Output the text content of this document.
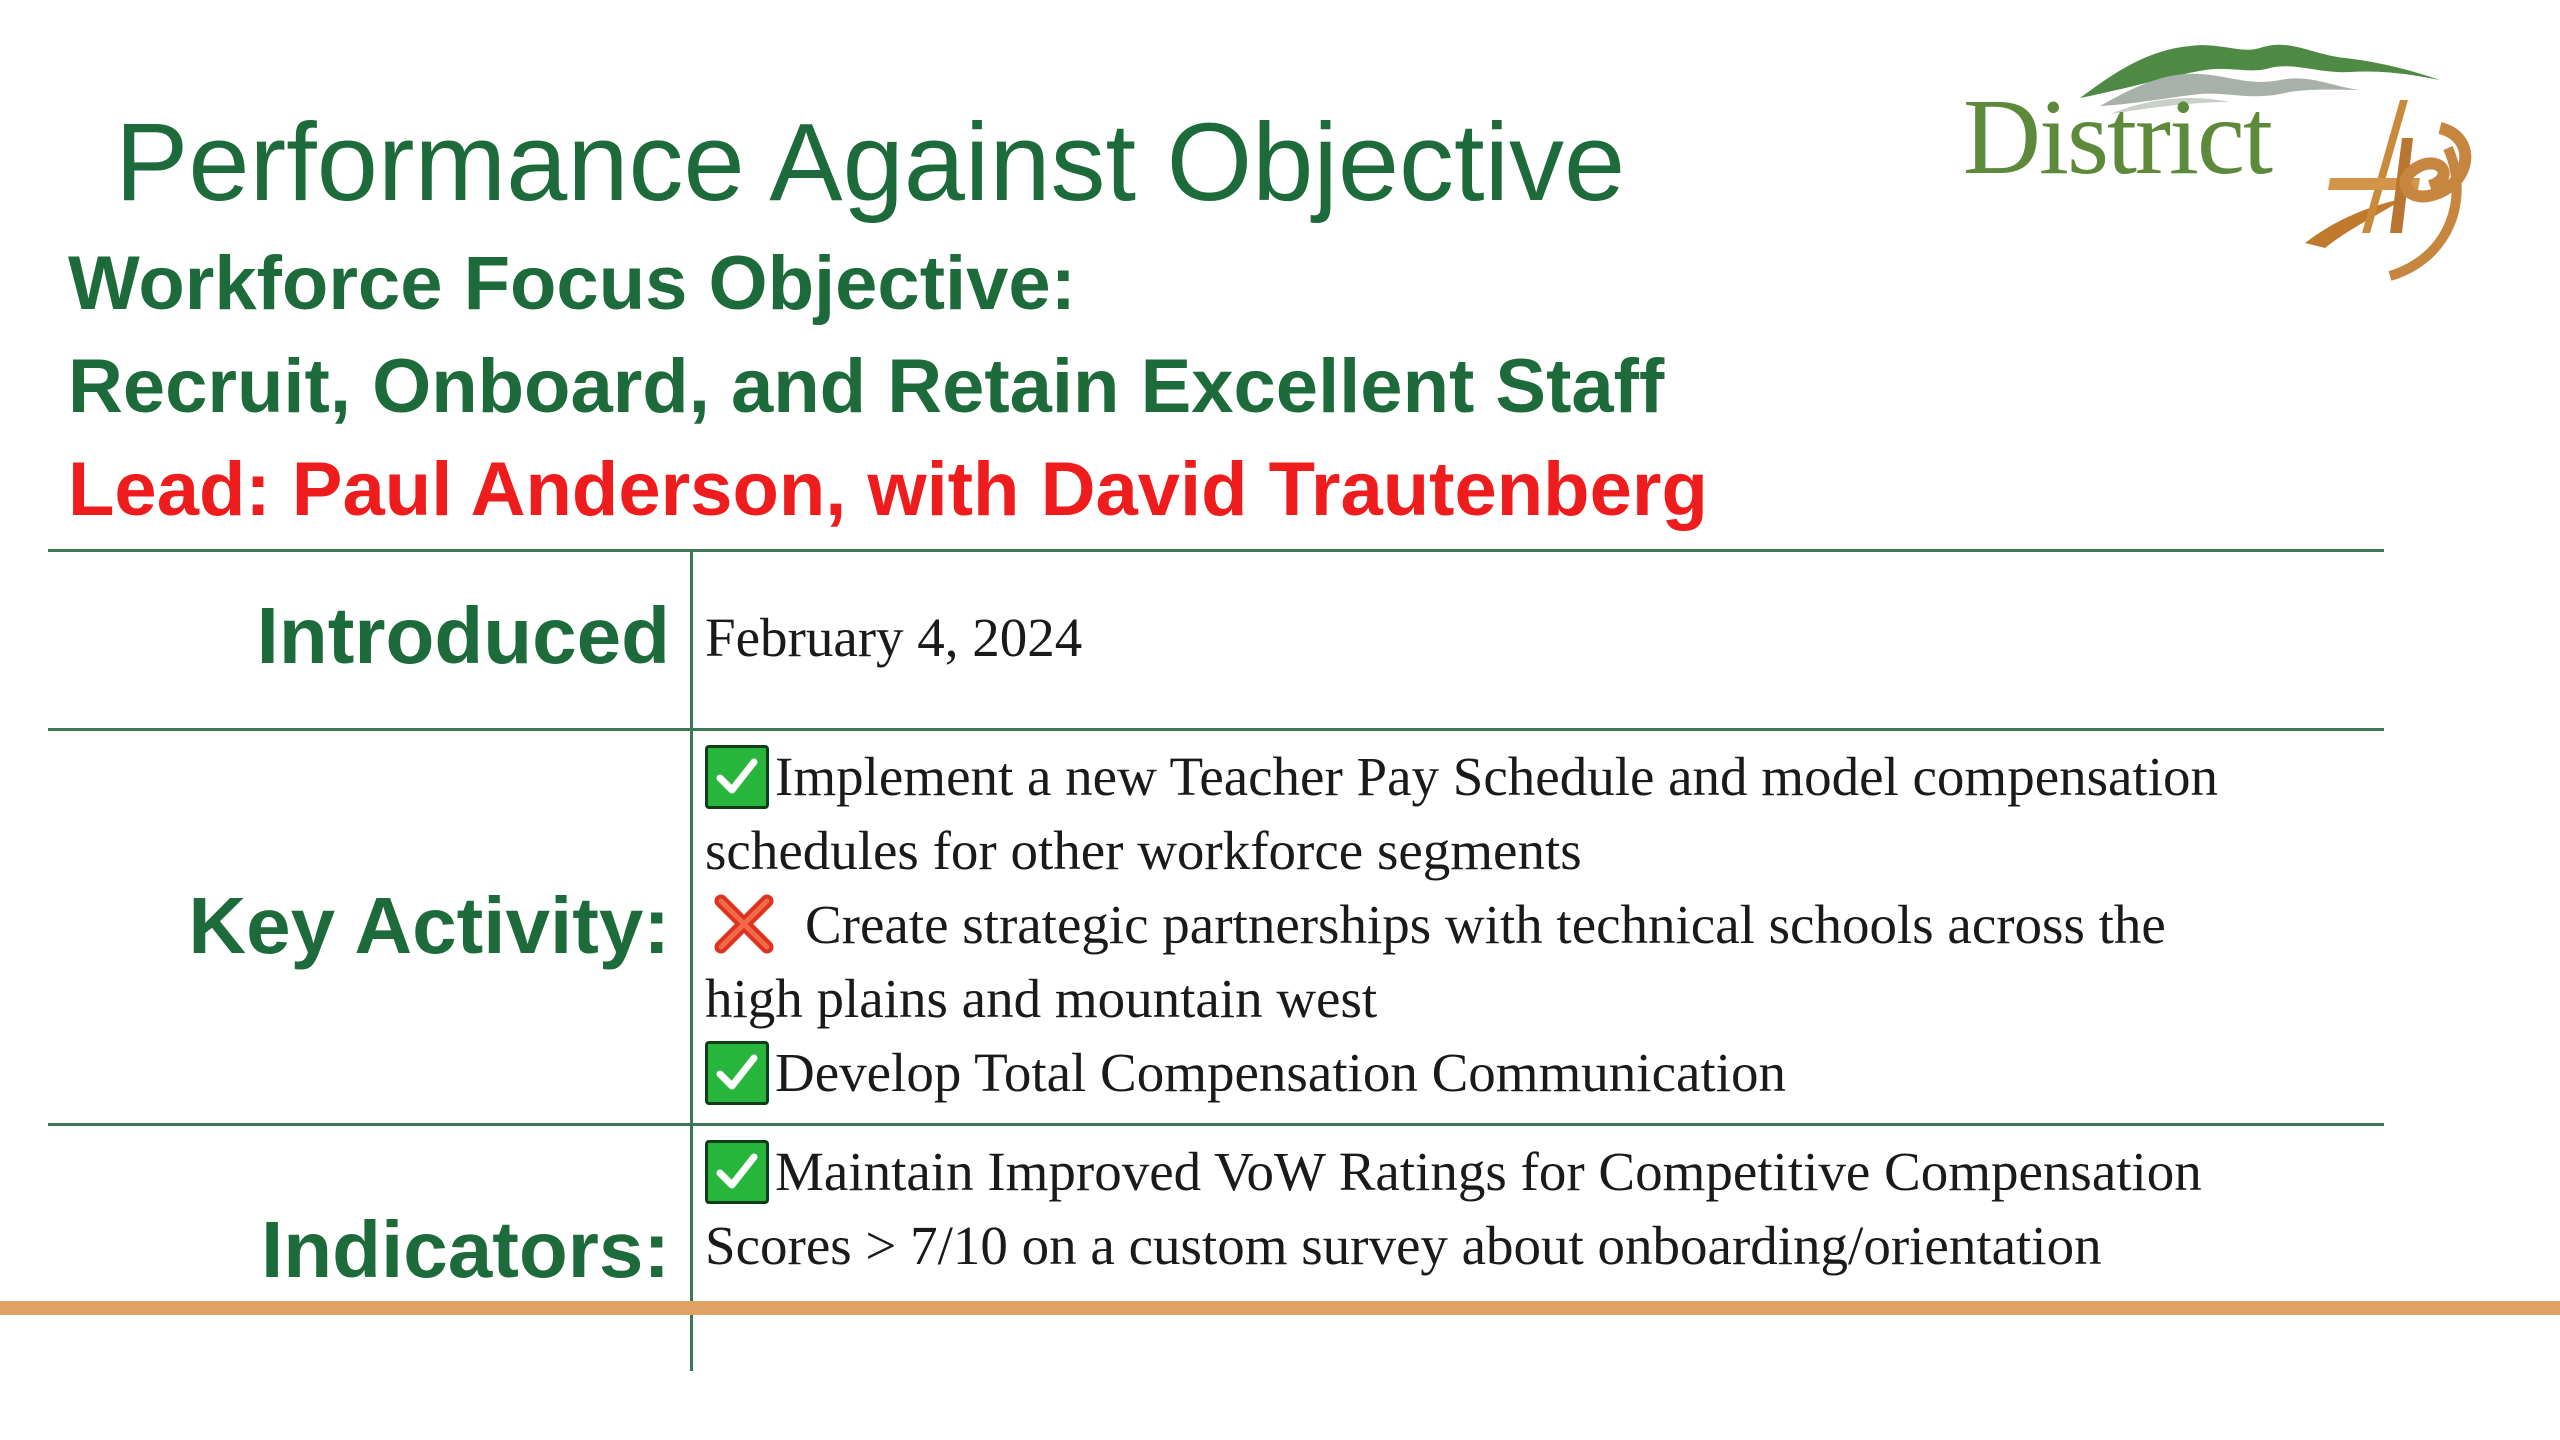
Performance Against Objective
Workforce Focus Objective:
Recruit, Onboard, and Retain Excellent Staff
Lead: Paul Anderson, with David Trautenberg
District
Introduced February 4, 2024
Key Activity:
Implement a new Teacher Pay Schedule and model compensation
schedules for other workforce segments
Create strategic partnerships with technical schools across the
high plains and mountain west
Develop Total Compensation Communication
Indicators:
Maintain Improved VoW Ratings for Competitive Compensation
Scores > 7/10 on a custom survey about onboarding/orientation
